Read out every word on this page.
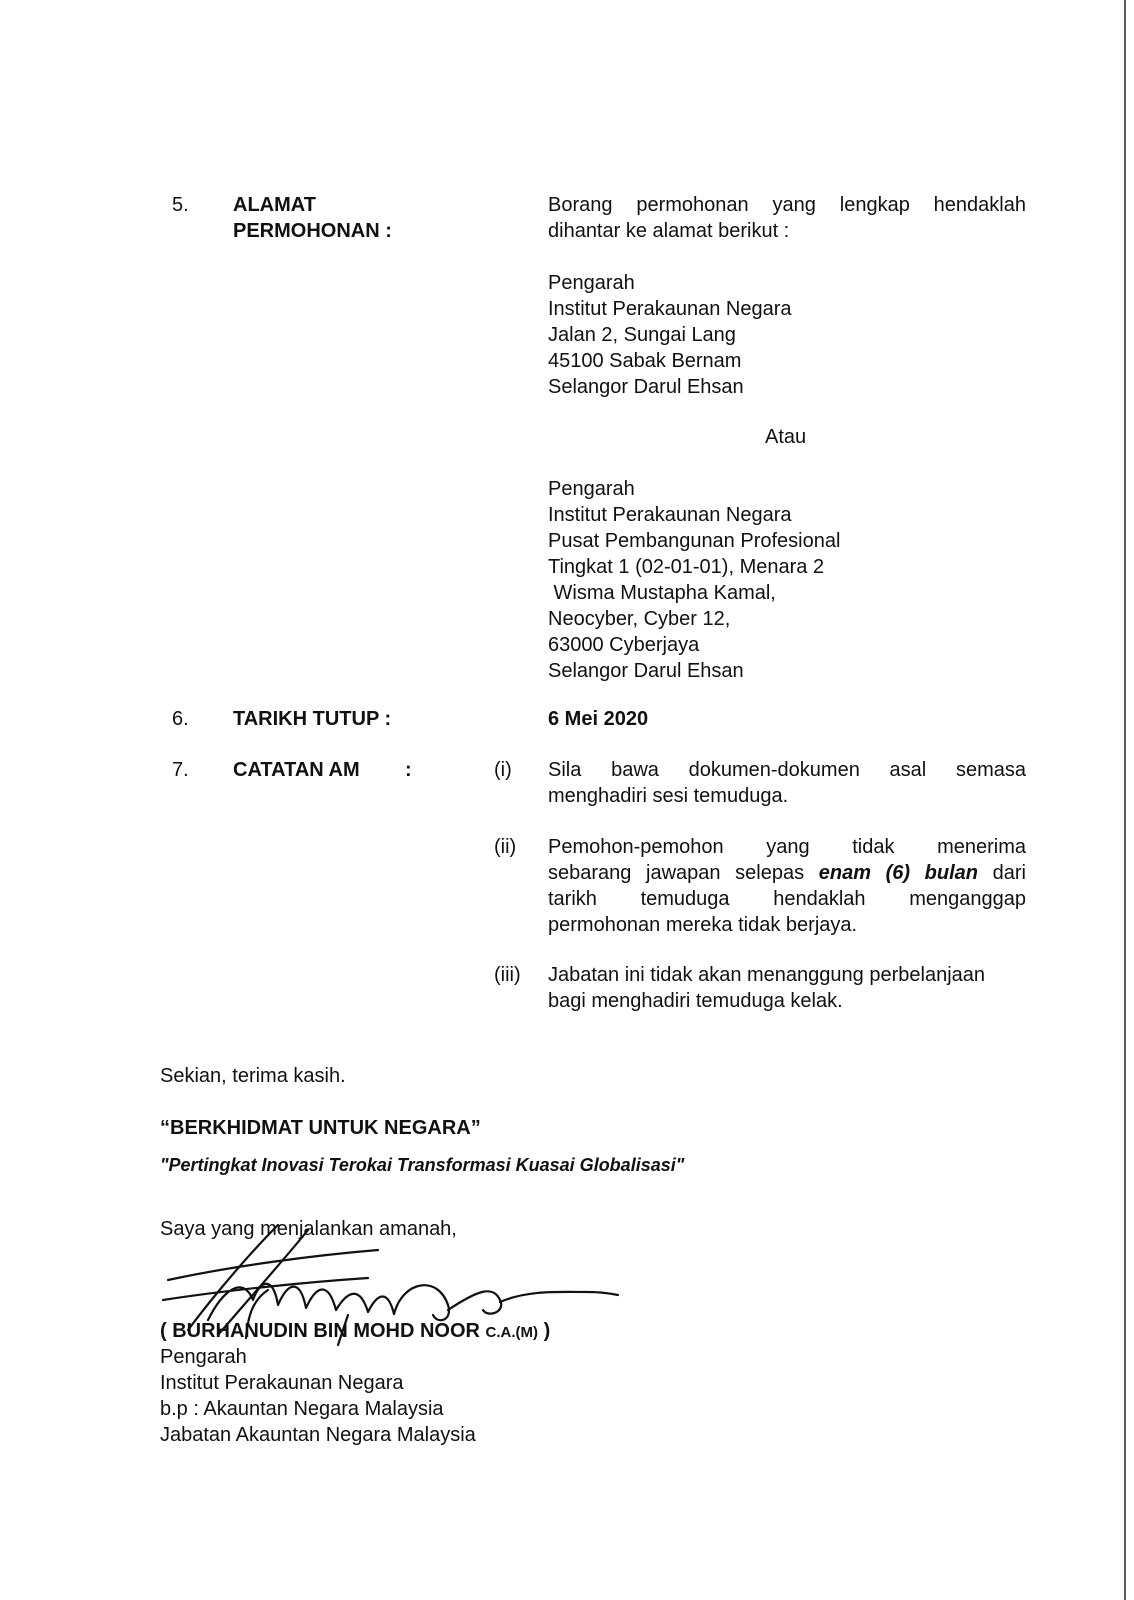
5. ALAMAT
PERMOHONAN :
Borang permohonan yang lengkap hendaklah
dihantar ke alamat berikut :
Pengarah
Institut Perakaunan Negara
Jalan 2, Sungai Lang
45100 Sabak Bernam
Selangor Darul Ehsan
Atau
Pengarah
Institut Perakaunan Negara
Pusat Pembangunan Profesional
Tingkat 1 (02-01-01), Menara 2
Wisma Mustapha Kamal,
Neocyber, Cyber 12,
63000 Cyberjaya
Selangor Darul Ehsan
6. TARIKH TUTUP :	6 Mei 2020
7. CATATAN AM :	(i) Sila bawa dokumen-dokumen asal semasa
menghadiri sesi temuduga.
(ii) Pemohon-pemohon yang tidak menerima
sebarang jawapan selepas enam (6) bulan dari
tarikh temuduga hendaklah menganggap
permohonan mereka tidak berjaya.
(iii) Jabatan ini tidak akan menanggung perbelanjaan
bagi menghadiri temuduga kelak.
Sekian, terima kasih.
“BERKHIDMAT UNTUK NEGARA”
"Pertingkat Inovasi Terokai Transformasi Kuasai Globalisasi"
Saya yang menjalankan amanah,
( BURHANUDIN BIN MOHD NOOR C.A.(M) )
Pengarah
Institut Perakaunan Negara
b.p : Akauntan Negara Malaysia
Jabatan Akauntan Negara Malaysia
